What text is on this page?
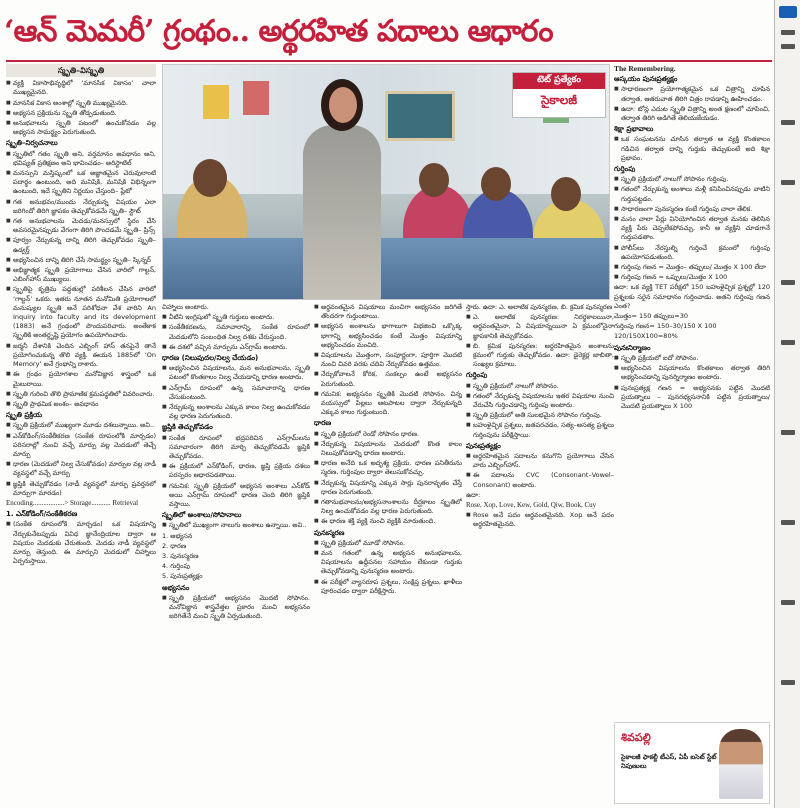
‘ఆన్ మెమరీ’ గ్రంథం.. అర్థరహిత పదాలు ఆధారం
స్మృతి–విస్మృతి

■ వ్యక్తి వికాసాభివృద్ధిలో ‘మానసిక వికాసం’ చాలా ముఖ్యమైనది.

■ మానసిక వికాస అంశాల్లో స్మృతి ముఖ్యమైనది.

■ అభ్యసన ప్రక్రియను స్మృతి తోడ్పడుతుంది.

■ అనుభవాలను స్మృతి పటంలో ఉంచుకోవడం వల్ల అభ్యసన సామర్థ్యం పెరుగుతుంది.

స్మృతి–నిర్వచనాలు

■ స్మృతిలో గతం స్మృతి అని, వర్తమానం అవధానం అని, భవిష్యత్ ప్రతిక్షణం అని భావించడం– అరిస్టాటిల్

■ మనస్సుని మస్తిష్కంలో ఒక అజ్ఞాతమైన చెరువులాంటి పదార్థం ఉంటుంది, అది మనిషికి, మనిషికి విభిన్నంగా ఉంటుంది, ఇదే స్మృతిని నిర్ణయం చేస్తుంది– ప్లేటో

■ గత అనుభవం/ముందు నేర్చుకున్న విషయం ఎలా జరిగిందో తిరిగి జ్ఞాపకం తెచ్చుకోవడమే స్మృతి– స్టౌట్

■ గత అనుభవాలను మెదడు/మనస్సులో స్థిరం చేసి అవసరమైనప్పుడు వేగంగా తిరిగి పొందడమే స్మృతి– ప్రిన్స్

■ పూర్వం నేర్చుకున్న దాన్ని తిరిగి తెచ్చుకోవడం స్మృతి– ఉడ్వర్త్

■ అభ్యసించిన దాన్ని తిరిగి చేసే సామర్థ్యం స్మృతి– స్కిన్నర్

■ అభిజ్ఞాత్మక స్మృతి ప్రయోగాలు చేసిన వారిలో గాల్టన్, ఎబింగ్‌హాస్ ముఖ్యులు.

■ స్మృతిపై కృత్రిమ పద్ధతుల్లో పరిశీలన చేసిన వారిలో ‘గాల్టన్’ ఒకరు. ఇతరు నూతన మనోమితి ప్రయోగాలలో మనుష్యుల స్మృతి అనే పరిశోధనా వేశ వారిని An Inquiry into faculty and its development (1883) అనే గ్రంథంలో పొందుపరిచారు. అంతేకాక స్మృతికి అంతర్దృష్టి ప్రయోగం ఉపయోగించారు.

■ జర్మనీ దేశానికి చెందిన ఎబ్బింగ్ హాస్ తనపైనే తానే ప్రయోగించుకున్న తొలి వ్యక్తి. ఈయన 1885లో ‘On Memory’ అనే గ్రంథాన్ని రాశారు.

■ ఈ గ్రంథం ప్రయోగశాల మనోవిజ్ఞాన శాస్త్రంలో ఒక మైలురాయి.

■ స్మృతి గురించి తొలి ప్రామాణిక క్రమపద్ధతిలో వివరించారు.

■ స్మృతి ప్రాథమిక అంశం– అవధానం

స్మృతి ప్రక్రియ

■ స్మృతి ప్రక్రియలో ముఖ్యంగా మూడు దశలున్నాయి. అవి..

■ ఎన్‌కోడింగ్/సంకేతీకరణ (సంకేత రూపంలోకి మార్చడం) పరిసరాల్లో నుంచి వచ్చే మార్పు వల్ల మెదడులో తెచ్చే మార్పు

■ ధారణ (మెదడులో నిల్వ చేసుకోవడం) మార్పుల వల్ల నాడీ వ్యవస్థలో వచ్చే మార్పు

■ జ్ఞప్తికి తెచ్చుకోవడం (నాడీ వ్యవస్థలో మార్పు ప్రవర్తనలో మార్పుగా మారడం)

Encoding..................> Storage........... Retrieval

1. ఎన్‌కోడింగ్/సంకేతీకరణ

■ (సంకేత రూపంలోకి మార్చడం) ఒక విషయాన్ని నేర్చుకునేటప్పుడు వివిధ జ్ఞానేంద్రియాల ద్వారా ఆ విషయం మెదడుకు చేరుతుంది. మెదడు నాడీ వ్యవస్థలో మార్పు తెస్తుంది. ఈ మార్పుని మెదడులో చిహ్నాలు ఏర్పరుస్తాయి.

టెట్ ప్రత్యేకం
సైకాలజీ

చిహ్నాలు అంటారు.

■ వీటిని ఇంగ్లిషులో స్మృతి గుర్తులు అంటారు.

■ సంకేతీకరణను, సమాచారాన్ని, సంకేత రూపంలో మెదడులోని సంబంధిత నిల్వ దశకు చేరుస్తుంది.

■ ఈ దశలో వచ్చిన మార్పును ఎన్‌గ్రామ్ అంటారు.

ధారణ (నిలుపుదల/నిల్వ చేయడం)

■ అభ్యసించిన విషయాలను, మన అనుభవాలను, స్మృతి పటంలో కొంతకాలం నిల్వ చేయడాన్ని ధారణ అంటారు.

■ ఎన్‌గ్రామ్ రూపంలో ఉన్న సమాచారాన్ని ధారణ చేసుకుంటుంది.

■ నేర్చుకున్న అంశాలను ఎక్కువ కాలం నిల్వ ఉంచుకోవడం వల్ల ధారణ పెరుగుతుంది.

జ్ఞప్తికి తెచ్చుకోవడం

■ సంకేత రూపంలో భద్రపరిచిన ఎన్‌గ్రామ్‌లను సమాచారంగా తిరిగి మార్చి తెచ్చుకోవడమే జ్ఞప్తికి తెచ్చుకోవడం.

■ ఈ ప్రక్రియలో ఎన్‌కోడింగ్, ధారణ, జ్ఞప్తి ప్రక్రియ దశలు పరస్పరం ఆధారపడతాయి.

■ గమనిక: స్మృతి ప్రక్రియలో అభ్యసన అంశాలు ఎన్‌కోడ్ అయి ఎన్‌గ్రామ్ రూపంలో ధారణ చెంది తిరిగి జ్ఞప్తికి వస్తాయి.

స్మృతిలో అంశాలు/సోపానాలు

■ స్మృతిలో ముఖ్యంగా నాలుగు అంశాలు ఉన్నాయి. అవి..

1. అభ్యసన

2. ధారణ

3. పునఃస్మరణ

4. గుర్తింపు

5. పునఃప్రత్యక్షం

అభ్యసనం

■ స్మృతి ప్రక్రియలో అభ్యసనం మొదటి సోపానం. మనోవిజ్ఞాన శాస్త్రవేత్తల ప్రకారం మంచి అభ్యసనం జరిగితేనే మంచి స్మృతి ఏర్పడుతుంది.

■ అర్థవంతమైన విషయాలు మంచిగా అభ్యసనం జరిగితే తొందరగా గుర్తుంటాయి.

■ అభ్యసన అంశాలను భాగాలుగా విభజించి ఒక్కొక్క భాగాన్ని అభ్యసించడం కంటే మొత్తం విషయాన్ని అభ్యసించడం మంచిది.

■ విషయాలను మొత్తంగా, సంపూర్ణంగా, పూర్తిగా మొదటి నుంచి చివరి వరకు చదివి నేర్చుకోవడం ఉత్తమం.

■ నేర్చుకోవాలనే కోరిక, సంకల్పం ఉంటే అభ్యసనం పెరుగుతుంది.

■ గమనిక: అభ్యసనం స్మృతికి మొదటి సోపానం. చిన్న వయస్సులో పిల్లలు ఆటపాటల ద్వారా నేర్చుకున్నది ఎక్కువ కాలం గుర్తుంటుంది.

ధారణ

■ స్మృతి ప్రక్రియలో రెండో సోపానం ధారణ.

■ నేర్చుకున్న విషయాలను మెదడులో కొంత కాలం నిలుపుకోవడాన్ని ధారణ అంటారు.

■ ధారణ అనేది ఒక అదృశ్య ప్రక్రియ. ధారణ పనితీరును స్మరణ, గుర్తింపుల ద్వారా తెలుసుకోవచ్చు.

■ నేర్చుకున్న విషయాన్ని ఎక్కువ సార్లు పునరావృతం చేస్తే ధారణ పెరుగుతుంది.

■ గతానుభవాలను/అభ్యసనాంశాలను దీర్ఘకాలం స్మృతిలో నిల్వ ఉంచుకోవడం వల్ల ధారణ పెరుగుతుంది.

■ ఈ ధారణ శక్తి వ్యక్తి నుంచి వ్యక్తికి మారుతుంది.

పునఃస్మరణ

■ స్మృతి ప్రక్రియలో మూడో సోపానం.

■ మన గతంలో ఉన్న అభ్యసన అనుభవాలను, విషయాలను ఉద్దీపనల సహాయం లేకుండా గుర్తుకు తెచ్చుకోవడాన్ని పునఃస్మరణ అంటారు.

■ ఈ పరీక్షలో వ్యాసరూప ప్రశ్నలు, సంక్షిప్త ప్రశ్నలు, ఖాళీలు పూరించడం ద్వారా పరీక్షిస్తారు.

స్తారు. ఉదా: ఎ. అలాటిక పునస్మరణ, బి. క్రమిక పునస్మరణ

■ ఎ. అలాటిక పునస్మరణ: నిరర్థకాలయినా, అర్థవంతమైనా, ఏ విషయాన్నయినా ఏ క్రమంలోనైనా జ్ఞాపకానికి తెచ్చుకోవడం.

■ బి. క్రమిక పునస్మరణ: అర్థరహితమైన అంశాలను క్రమంలో గుర్తుకు తెచ్చుకోవడం. ఉదా: డైరెక్టర్ల జాబితా, సంఖ్యల క్రమాలు.

గుర్తింపు

■ స్మృతి ప్రక్రియలో నాలుగో సోపానం.

■ గతంలో నేర్చుకున్న విషయాలను ఇతర విషయాల నుంచి వేరుచేసి గుర్తించడాన్ని గుర్తింపు అంటారు.

■ స్మృతి ప్రక్రియలో అతి సులభమైన సోపానం గుర్తింపు.

■ బహుళైచ్ఛిక ప్రశ్నలు, జతపరచడం, సత్య–అసత్య ప్రశ్నలు గుర్తింపును పరీక్షిస్తాయి.

పునఃప్రత్యక్షం

■ అర్థరహితమైన పదాలను కనుగొని ప్రయోగాలు చేసిన వారు ఎబ్బింగ్‌హాస్.

■ ఈ పదాలను CVC (Consonant–Vowel–Consonant) అంటారు.

ఉదా:

Rose, Xop, Love, Kew, Gold, Qiw, Book, Cuy

■ Rose అనే పదం అర్థవంతమైనది. Xop అనే పదం అర్థరహితమైనది.

The Remembering.
ఆస్కయం పునఃప్రత్యక్షం

■ సాధారణంగా ప్రయోగాత్మకమైన ఒక చిత్రాన్ని చూపిన తర్వాత, ఆతరువాత తిరిగి చిత్రం రావడాన్ని ఊహించడం.

■ ఉదా: టోన్ల ఎదుట స్మృతి చిత్రాన్ని అంత క్షణంలో చూపించి, తర్వాత తిరిగి అడిగితే తెలియజేయడం.

శిక్షా ప్రభావాలు

■ ఒక సంఘటనను చూసిన తర్వాత ఆ వ్యక్తి కొంతకాలం గడిచిన తర్వాత దాన్ని గుర్తుకు తెచ్చుకుంటే అది శిక్షా ప్రభావం.

గుర్తింపు

■ స్మృతి ప్రక్రియలో నాలుగో సోపానం గుర్తింపు.

■ గతంలో నేర్చుకున్న అంశాలు మళ్లీ కనిపించినప్పుడు వాటిని గుర్తుపట్టడం.

■ సాధారణంగా పునఃస్మరణ కంటే గుర్తింపు చాలా తేలిక.

■ మనం చాలా పేర్లు వినియోగించిన తర్వాత మనకు తెలిసిన వ్యక్తి పేరు చెప్పలేకపోవచ్చు, కానీ ఆ వ్యక్తిని చూడగానే గుర్తుపడతాం.

■ పోలీస్‌లు నేరస్తుల్ని గుర్తించే క్రమంలో గుర్తింపు ఉపయోగపడుతుంది.

■ గుర్తింపు గణన = మొత్తం– తప్పులు/ మొత్తం X 100 లేదా

■ గుర్తింపు గణన = ఒప్పులు/మొత్తం X 100

ఉదా: ఒక వ్యక్తి TET పరీక్షలో 150 బహుళైచ్ఛిక ప్రశ్నల్లో 120 ప్రశ్నలకు సరైన సమాధానం గుర్తించాడు. అతని గుర్తింపు గణన ఎంత?

మొత్తం= 150 తప్పులు=30

గుర్తింపు గణన= 150–30/150 X 100

120/150X100=80%

పునఃనిర్మాణం

■ స్మృతి ప్రక్రియలో ఐదో సోపానం.

■ అభ్యసించిన విషయాలను కొంతకాలం తర్వాత తిరిగి అభ్యసించడాన్ని పునర్నిర్మాణం అంటారు.

■ పునఃప్రత్యక్ష గణన = అభ్యసనకు పట్టిన మొదటి ప్రయత్నాలు – పునరభ్యసనానికి పట్టిన ప్రయత్నాలు/ మొదటి ప్రయత్నాలు X 100

శివపల్లి
సైకాలజీ ఫాకల్టీ టీఎస్, ఏపీ ఐసెట్ స్టేట్ నిపుణులు
